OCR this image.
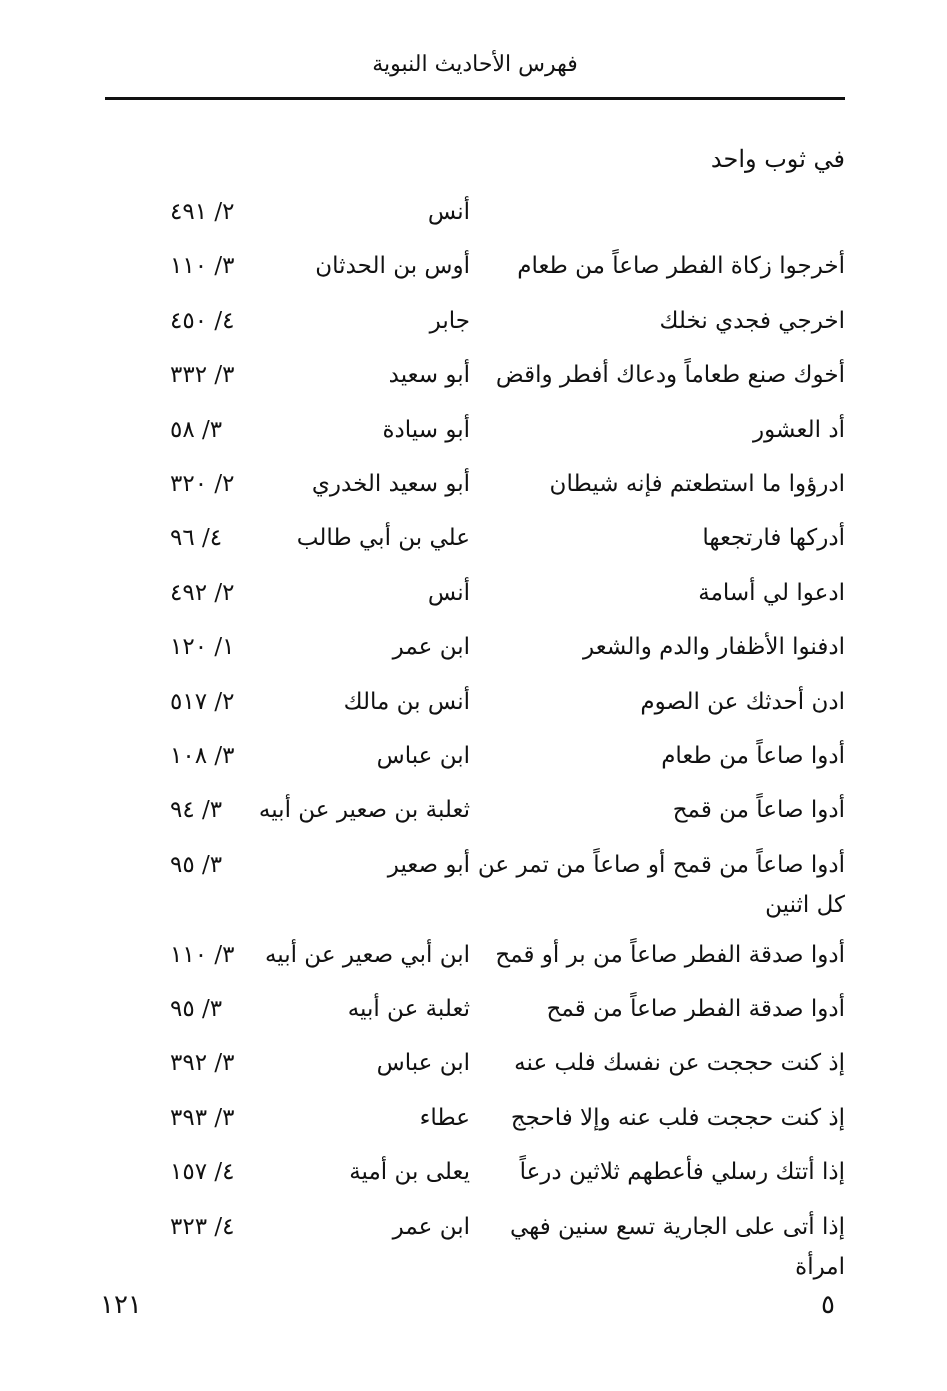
فهرس الأحاديث النبوية
في ثوب واحد
أنس
٢/ ٤٩١
أخرجوا زكاة الفطر صاعاً من طعام
أوس بن الحدثان
٣/ ١١٠
اخرجي فجدي نخلك
جابر
٤/ ٤٥٠
أخوك صنع طعاماً ودعاك أفطر واقض
أبو سعيد
٣/ ٣٣٢
أد العشور
أبو سيادة
٣/ ٥٨
ادرؤوا ما استطعتم فإنه شيطان
أبو سعيد الخدري
٢/ ٣٢٠
أدركها فارتجعها
علي بن أبي طالب
٤/ ٩٦
ادعوا لي أسامة
أنس
٢/ ٤٩٢
ادفنوا الأظفار والدم والشعر
ابن عمر
١/ ١٢٠
ادن أحدثك عن الصوم
أنس بن مالك
٢/ ٥١٧
أدوا صاعاً من طعام
ابن عباس
٣/ ١٠٨
أدوا صاعاً من قمح
ثعلبة بن صعير عن أبيه
٣/ ٩٤
أدوا صاعاً من قمح أو صاعاً من تمر عن كل اثنين
أبو صعير
٣/ ٩٥
أدوا صدقة الفطر صاعاً من بر أو قمح
ابن أبي صعير عن أبيه
٣/ ١١٠
أدوا صدقة الفطر صاعاً من قمح
ثعلبة عن أبيه
٣/ ٩٥
إذ كنت حججت عن نفسك فلب عنه
ابن عباس
٣/ ٣٩٢
إذ كنت حججت فلب عنه وإلا فاحجج
عطاء
٣/ ٣٩٣
إذا أتتك رسلي فأعطهم ثلاثين درعاً
يعلى بن أمية
٤/ ١٥٧
إذا أتى على الجارية تسع سنين فهي امرأة
ابن عمر
٤/ ٣٢٣
١٢١	٥
